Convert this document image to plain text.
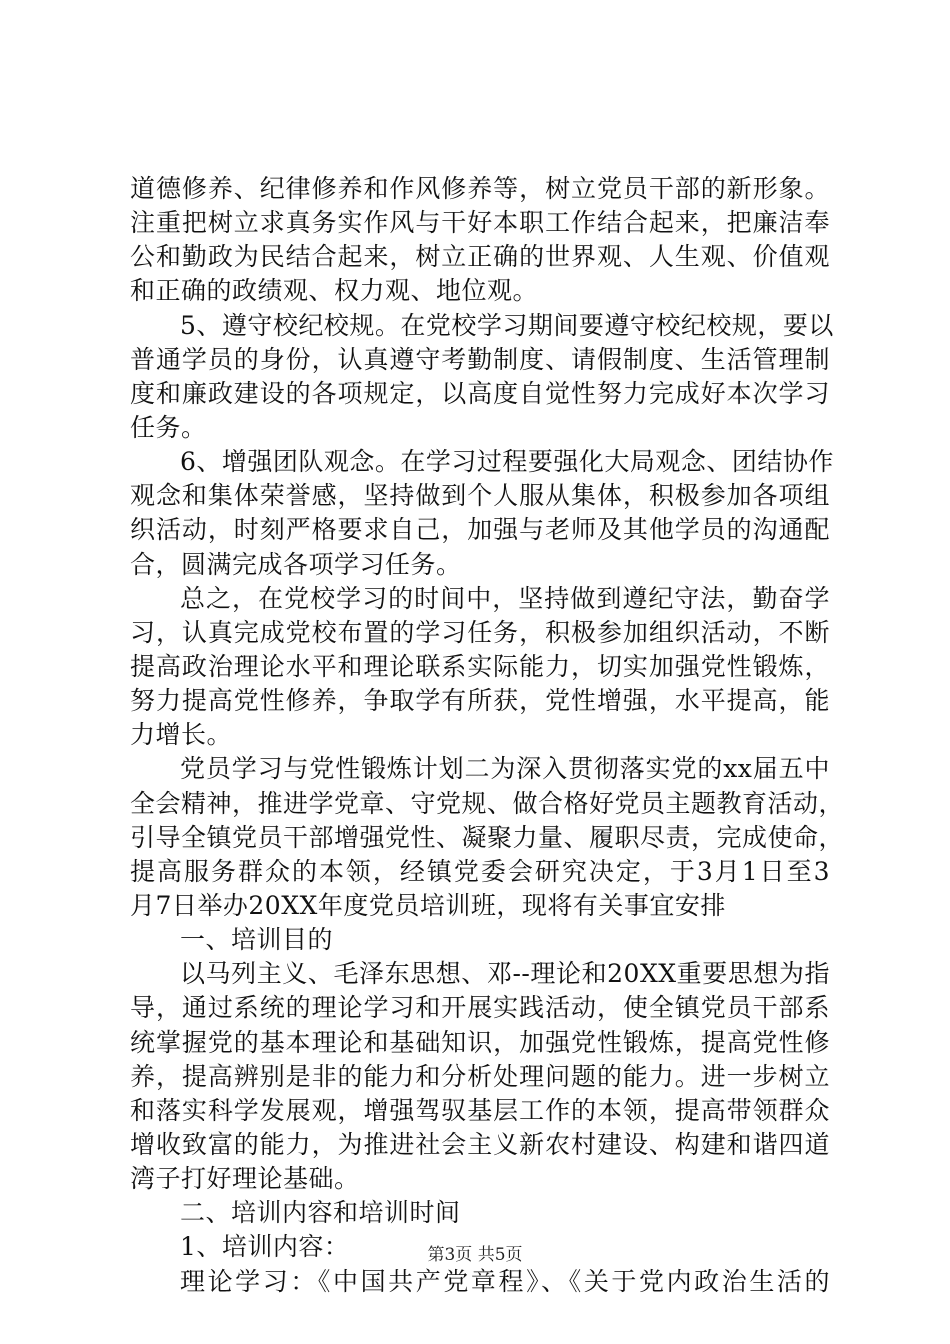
道德修养、纪律修养和作风修养等，树立党员干部的新形象。
注重把树立求真务实作风与干好本职工作结合起来，把廉洁奉
公和勤政为民结合起来，树立正确的世界观、人生观、价值观
和正确的政绩观、权力观、地位观。
5、遵守校纪校规。在党校学习期间要遵守校纪校规，要以
普通学员的身份，认真遵守考勤制度、请假制度、生活管理制
度和廉政建设的各项规定，以高度自觉性努力完成好本次学习
任务。
6、增强团队观念。在学习过程要强化大局观念、团结协作
观念和集体荣誉感，坚持做到个人服从集体，积极参加各项组
织活动，时刻严格要求自己，加强与老师及其他学员的沟通配
合，圆满完成各项学习任务。
总之，在党校学习的时间中，坚持做到遵纪守法，勤奋学
习，认真完成党校布置的学习任务，积极参加组织活动，不断
提高政治理论水平和理论联系实际能力，切实加强党性锻炼，
努力提高党性修养，争取学有所获，党性增强，水平提高，能
力增长。
党员学习与党性锻炼计划二为深入贯彻落实党的xx届五中
全会精神，推进学党章、守党规、做合格好党员主题教育活动，
引导全镇党员干部增强党性、凝聚力量、履职尽责，完成使命，
提高服务群众的本领，经镇党委会研究决定，于3月1日至3
月7日举办20XX年度党员培训班，现将有关事宜安排
一、培训目的
以马列主义、毛泽东思想、邓--理论和20XX重要思想为指
导，通过系统的理论学习和开展实践活动，使全镇党员干部系
统掌握党的基本理论和基础知识，加强党性锻炼，提高党性修
养，提高辨别是非的能力和分析处理问题的能力。进一步树立
和落实科学发展观，增强驾驭基层工作的本领，提高带领群众
增收致富的能力，为推进社会主义新农村建设、构建和谐四道
湾子打好理论基础。
二、培训内容和培训时间
1、培训内容：
理论学习：《中国共产党章程》、《关于党内政治生活的
第3页 共5页
